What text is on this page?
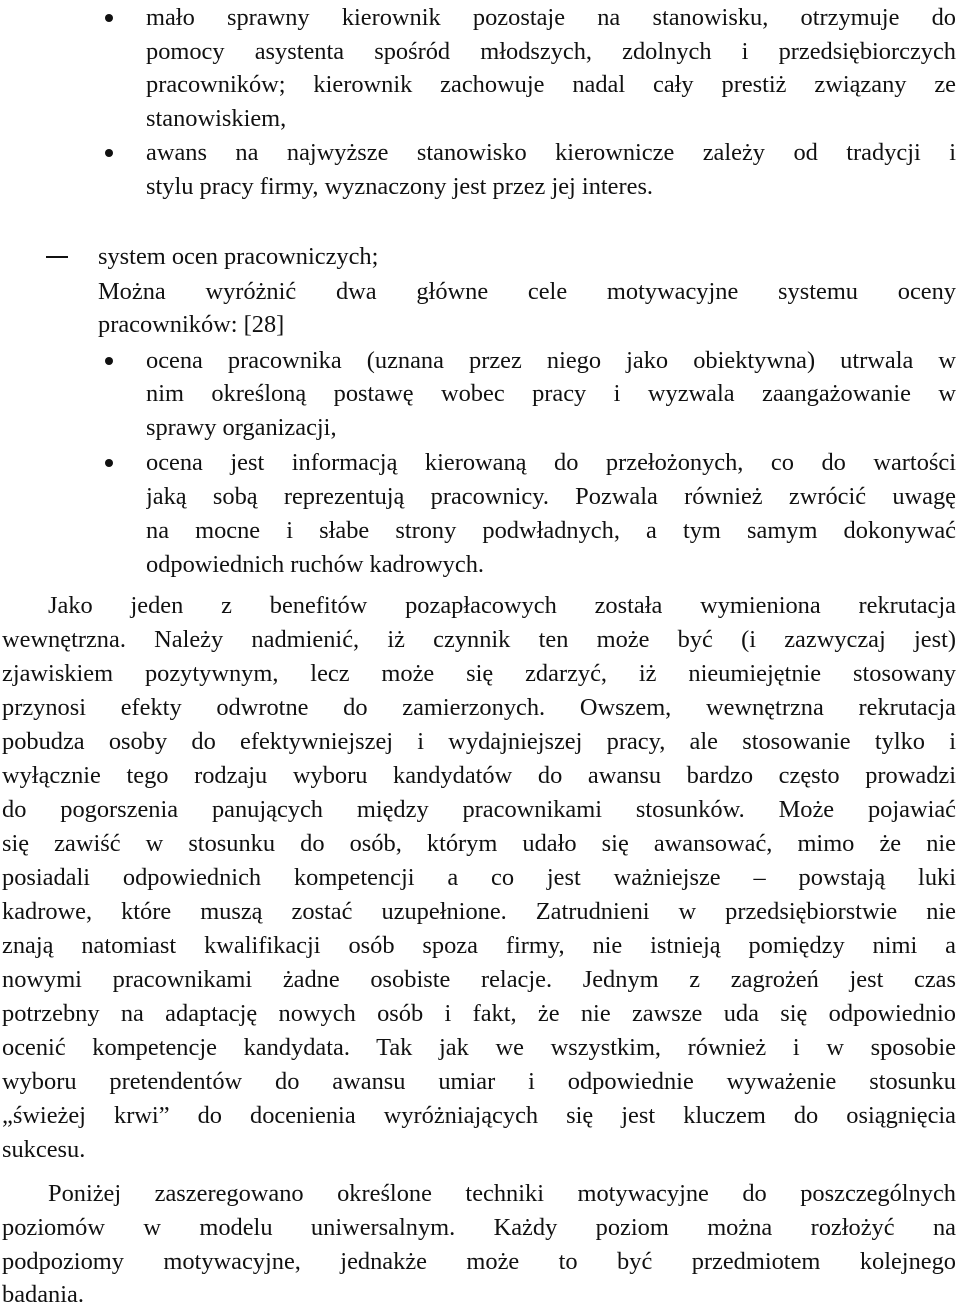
mało sprawny kierownik pozostaje na stanowisku, otrzymuje do
pomocy asystenta spośród młodszych, zdolnych i przedsiębiorczych
pracowników; kierownik zachowuje nadal cały prestiż związany ze
stanowiskiem,
awans na najwyższe stanowisko kierownicze zależy od tradycji i
stylu pracy firmy, wyznaczony jest przez jej interes.
system ocen pracowniczych;
Można wyróżnić dwa główne cele motywacyjne systemu oceny
pracowników: [28]
ocena pracownika (uznana przez niego jako obiektywna) utrwala w
nim określoną postawę wobec pracy i wyzwala zaangażowanie w
sprawy organizacji,
ocena jest informacją kierowaną do przełożonych, co do wartości
jaką sobą reprezentują pracownicy. Pozwala również zwrócić uwagę
na mocne i słabe strony podwładnych, a tym samym dokonywać
odpowiednich ruchów kadrowych.
Jako jeden z benefitów pozapłacowych została wymieniona rekrutacja
wewnętrzna. Należy nadmienić, iż czynnik ten może być (i zazwyczaj jest)
zjawiskiem pozytywnym, lecz może się zdarzyć, iż nieumiejętnie stosowany
przynosi efekty odwrotne do zamierzonych. Owszem, wewnętrzna rekrutacja
pobudza osoby do efektywniejszej i wydajniejszej pracy, ale stosowanie tylko i
wyłącznie tego rodzaju wyboru kandydatów do awansu bardzo często prowadzi
do pogorszenia panujących między pracownikami stosunków. Może pojawiać
się zawiść w stosunku do osób, którym udało się awansować, mimo że nie
posiadali odpowiednich kompetencji a co jest ważniejsze – powstają luki
kadrowe, które muszą zostać uzupełnione. Zatrudnieni w przedsiębiorstwie nie
znają natomiast kwalifikacji osób spoza firmy, nie istnieją pomiędzy nimi a
nowymi pracownikami żadne osobiste relacje. Jednym z zagrożeń jest czas
potrzebny na adaptację nowych osób i fakt, że nie zawsze uda się odpowiednio
ocenić kompetencje kandydata. Tak jak we wszystkim, również i w sposobie
wyboru pretendentów do awansu umiar i odpowiednie wyważenie stosunku
„świeżej krwi” do docenienia wyróżniających się jest kluczem do osiągnięcia
sukcesu.
Poniżej zaszeregowano określone techniki motywacyjne do poszczególnych
poziomów w modelu uniwersalnym. Każdy poziom można rozłożyć na
podpoziomy motywacyjne, jednakże może to być przedmiotem kolejnego
badania.
